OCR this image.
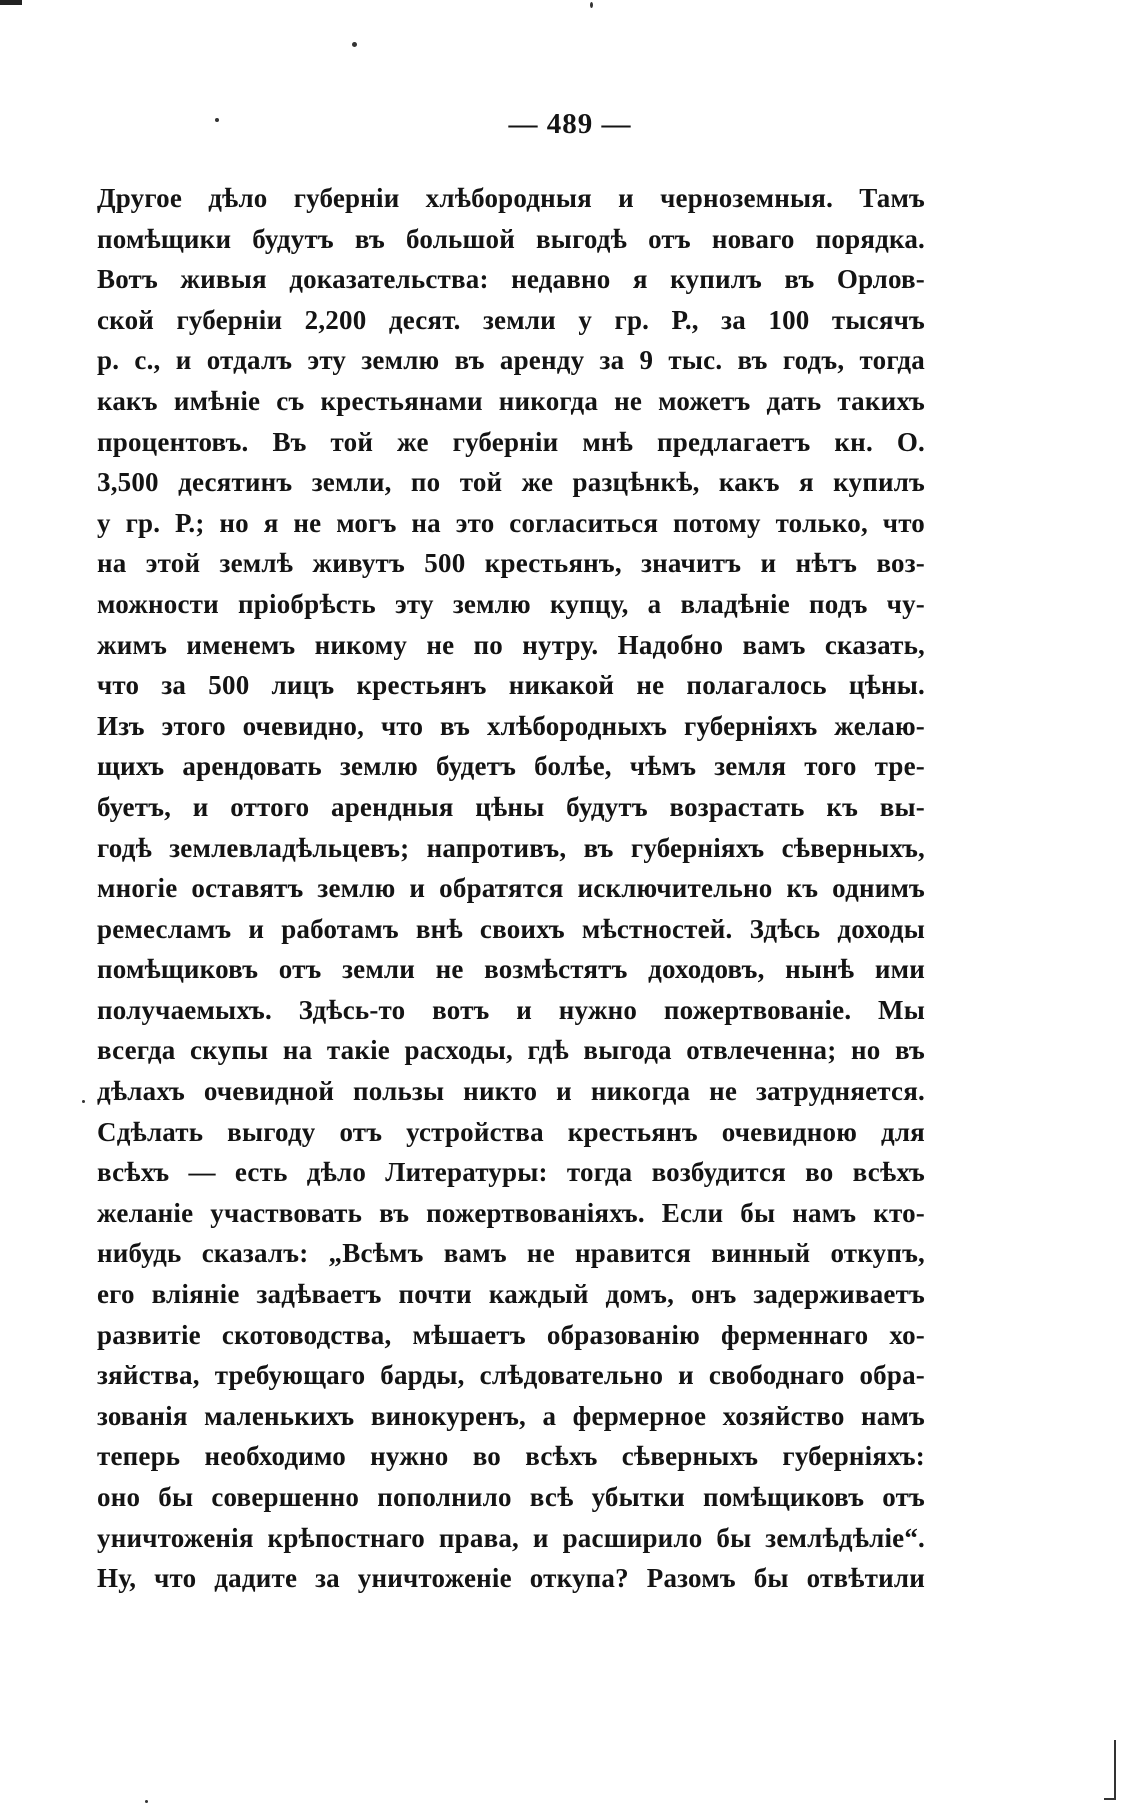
— 489 —
Другое дѣло губерніи хлѣбородныя и черноземныя. Тамъ
помѣщики будутъ въ большой выгодѣ отъ новаго порядка.
Вотъ живыя доказательства: недавно я купилъ въ Орлов-
ской губерніи 2,200 десят. земли у гр. Р., за 100 тысячъ
р. с., и отдалъ эту землю въ аренду за 9 тыс. въ годъ, тогда
какъ имѣніе съ крестьянами никогда не можетъ дать такихъ
процентовъ. Въ той же губерніи мнѣ предлагаетъ кн. О.
3,500 десятинъ земли, по той же разцѣнкѣ, какъ я купилъ
у гр. Р.; но я не могъ на это согласиться потому только, что
на этой землѣ живутъ 500 крестьянъ, значитъ и нѣтъ воз-
можности пріобрѣсть эту землю купцу, а владѣніе подъ чу-
жимъ именемъ никому не по нутру. Надобно вамъ сказать,
что за 500 лицъ крестьянъ никакой не полагалось цѣны.
Изъ этого очевидно, что въ хлѣбородныхъ губерніяхъ желаю-
щихъ арендовать землю будетъ болѣе, чѣмъ земля того тре-
буетъ, и оттого арендныя цѣны будутъ возрастать къ вы-
годѣ землевладѣльцевъ; напротивъ, въ губерніяхъ сѣверныхъ,
многіе оставятъ землю и обратятся исключительно къ однимъ
ремесламъ и работамъ внѣ своихъ мѣстностей. Здѣсь доходы
помѣщиковъ отъ земли не возмѣстятъ доходовъ, нынѣ ими
получаемыхъ. Здѣсь-то вотъ и нужно пожертвованіе. Мы
всегда скупы на такіе расходы, гдѣ выгода отвлеченна; но въ
дѣлахъ очевидной пользы никто и никогда не затрудняется.
Сдѣлать выгоду отъ устройства крестьянъ очевидною для
всѣхъ — есть дѣло Литературы: тогда возбудится во всѣхъ
желаніе участвовать въ пожертвованіяхъ. Если бы намъ кто-
нибудь сказалъ: „Всѣмъ вамъ не нравится винный откупъ,
его вліяніе задѣваетъ почти каждый домъ, онъ задерживаетъ
развитіе скотоводства, мѣшаетъ образованію ферменнаго хо-
зяйства, требующаго барды, слѣдовательно и свободнаго обра-
зованія маленькихъ винокуренъ, а фермерное хозяйство намъ
теперь необходимо нужно во всѣхъ сѣверныхъ губерніяхъ:
оно бы совершенно пополнило всѣ убытки помѣщиковъ отъ
уничтоженія крѣпостнаго права, и расширило бы землѣдѣліе“.
Ну, что дадите за уничтоженіе откупа? Разомъ бы отвѣтили
